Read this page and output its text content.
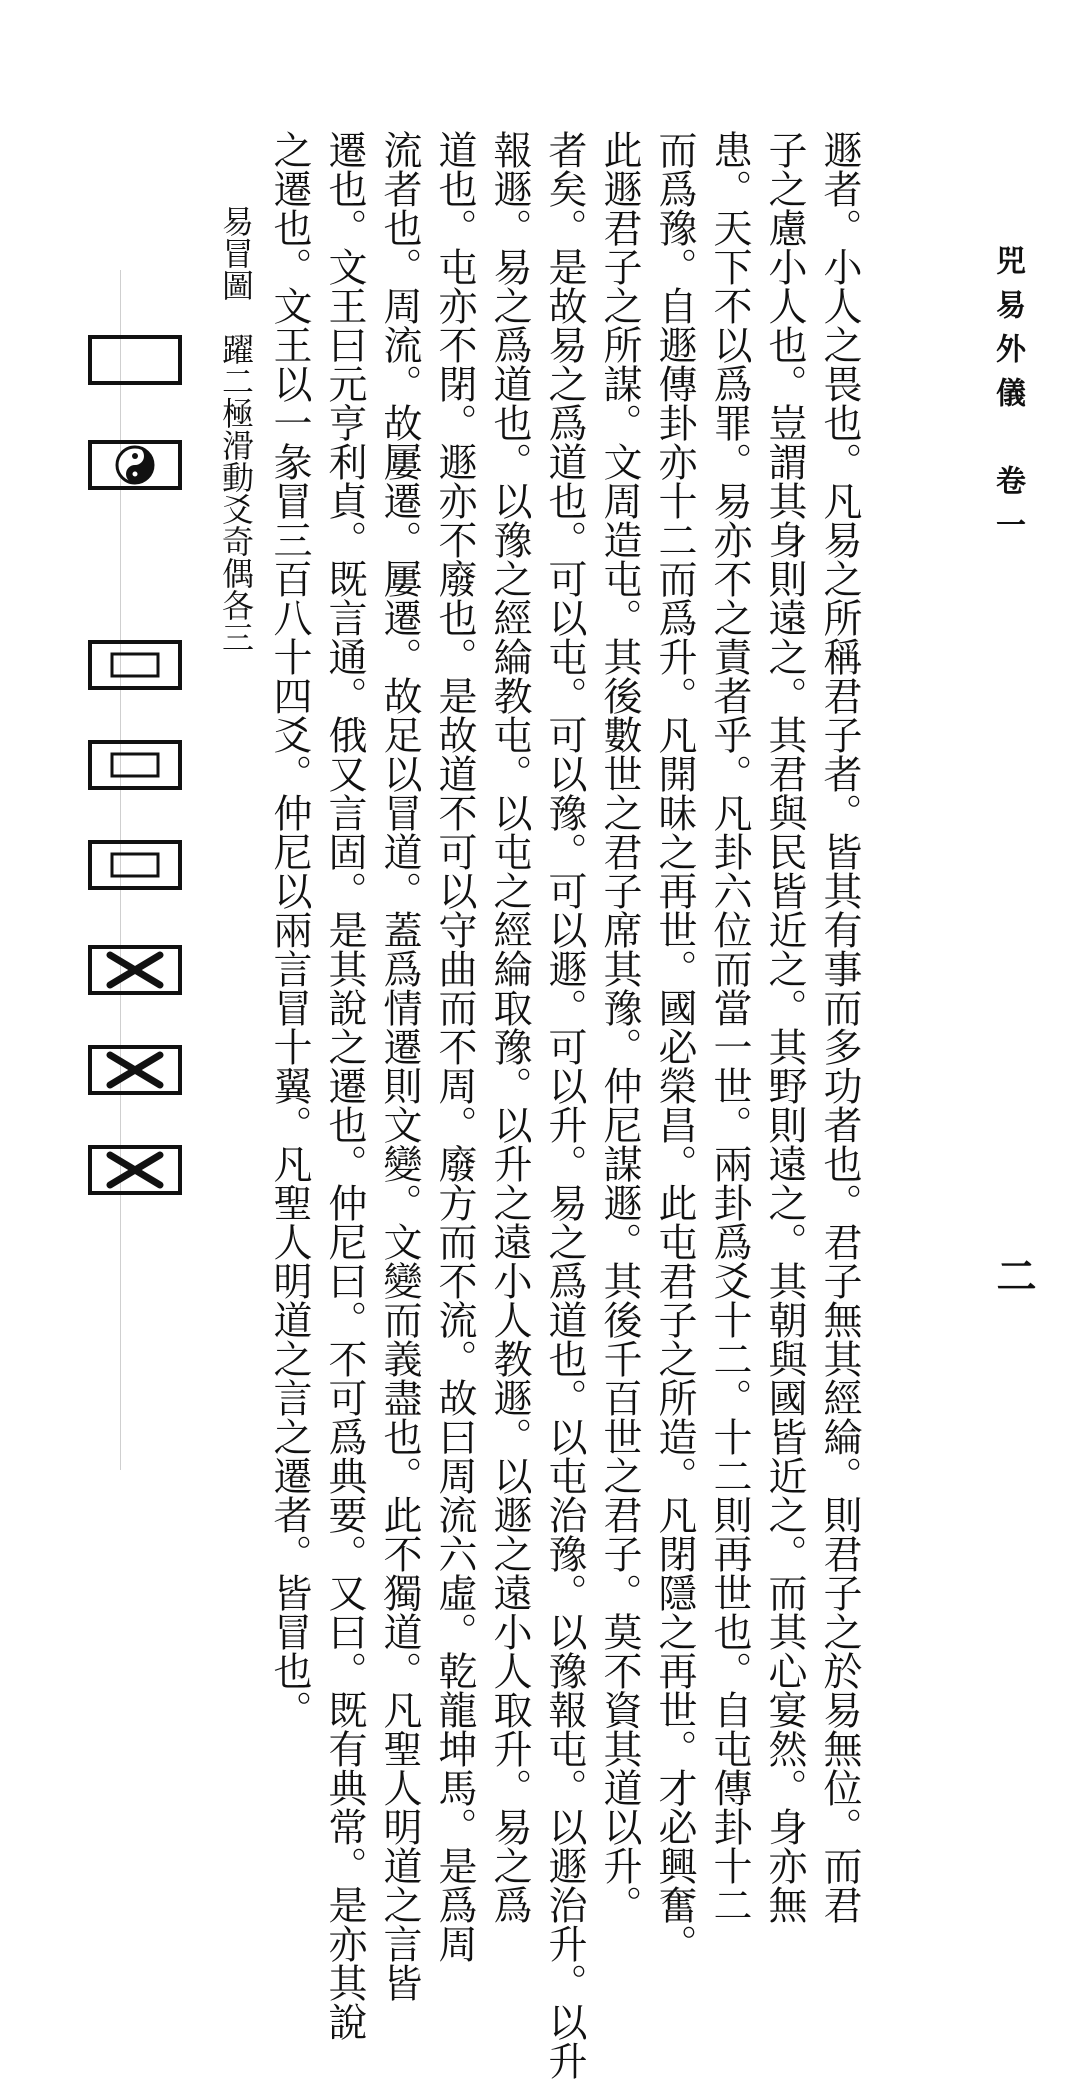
兕易外儀　卷一
二
遯者。小人之畏也。凡易之所稱君子者。皆其有事而多功者也。君子無其經綸。則君子之於易無位。而君
子之慮小人也。豈謂其身則遠之。其君與民皆近之。其野則遠之。其朝與國皆近之。而其心宴然。身亦無
患。天下不以爲罪。易亦不之責者乎。凡卦六位而當一世。兩卦爲爻十二。十二則再世也。自屯傳卦十二
而爲豫。自遯傳卦亦十二而爲升。凡開昧之再世。國必榮昌。此屯君子之所造。凡閉隱之再世。才必興奮。
此遯君子之所謀。文周造屯。其後數世之君子席其豫。仲尼謀遯。其後千百世之君子。莫不資其道以升。
者矣。是故易之爲道也。可以屯。可以豫。可以遯。可以升。易之爲道也。以屯治豫。以豫報屯。以遯治升。以升
報遯。易之爲道也。以豫之經綸教屯。以屯之經綸取豫。以升之遠小人教遯。以遯之遠小人取升。易之爲
道也。屯亦不閉。遯亦不廢也。是故道不可以守曲而不周。廢方而不流。故曰周流六虛。乾龍坤馬。是爲周
流者也。周流。故屢遷。屢遷。故足以冒道。蓋爲情遷則文變。文變而義盡也。此不獨道。凡聖人明道之言皆
遷也。文王曰元亨利貞。既言通。俄又言固。是其說之遷也。仲尼曰。不可爲典要。又曰。既有典常。是亦其說
之遷也。文王以一彖冒三百八十四爻。仲尼以兩言冒十翼。凡聖人明道之言之遷者。皆冒也。
易冒圖　躍二極滑動爻奇偶各三
